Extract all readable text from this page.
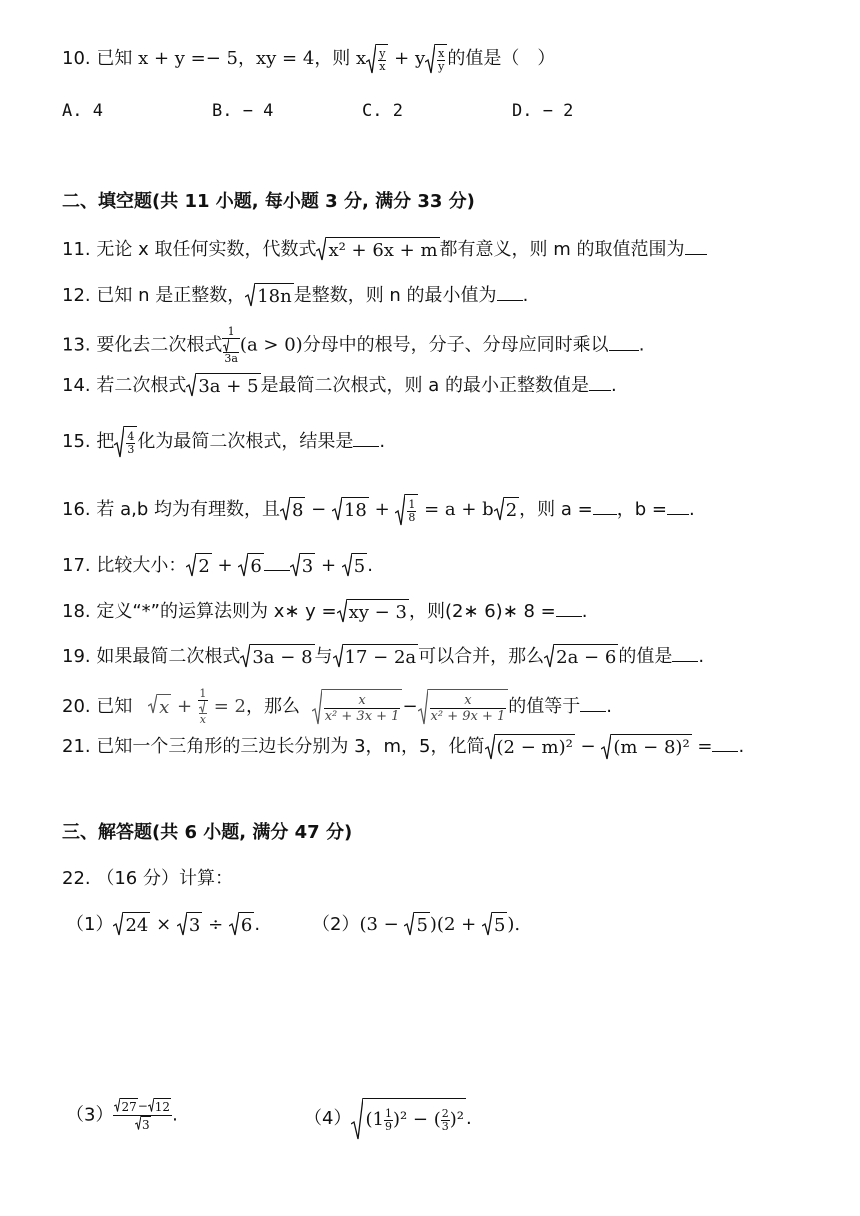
10. 已知 x + y =− 5，xy = 4，则 x $\frac{y}{x} + y \frac{x}{y}$ 的值是（　）
A. 4	B. − 4	C. 2	D. − 2
二、填空题(共 11 小题, 每小题 3 分, 满分 33 分)
11. 无论 x 取任何实数，代数式 x² + 6x + m 都有意义，则 m 的取值范围为
12. 已知 n 是正整数， 18n 是整数，则 n 的最小值为 .
13. 要化去二次根式 $\frac{1}{3a} (a > 0)$分母中的根号，分子、分母应同时乘以 .
14. 若二次根式 3a + 5 是最简二次根式，则 a 的最小正整数值是 .
15. 把 $\frac{4}{3}$ 化为最简二次根式，结果是 .
16. 若 a,b 均为有理数，且 $8 - 18 + \frac{1}{8} = a + b$ 2 ，则 a = ，b = .
17. 比较大小： 2 + 6 3 + 5 .
18. 定义“*”的运算法则为 x∗ y = xy − 3 ，则(2∗ 6)∗ 8 = .
19. 如果最简二次根式 3a − 8 与 17 − 2a 可以合并，那么 2a − 6 的值是 .
20. 已知 $x + \frac{1}{x} = 2$，那么 $\frac{x}{\text{x² + 3x + 1}} - \frac{x}{\text{x² + 9x + 1}}$ 的值等于 .
21. 已知一个三角形的三边长分别为 3，m，5，化简 (2 − m)² − (m − 8)² = .
三、解答题(共 6 小题, 满分 47 分)
22. （16 分）计算：
（1） 24 × 3 ÷ 6 .	（2）(3 − 5 )(2 + 5 ).
$(3) \frac{27 - 12}{3}$ .	（4） $(1 \frac{1}{9} )^2$ − ( $\frac{2}{3} )^2$ .
